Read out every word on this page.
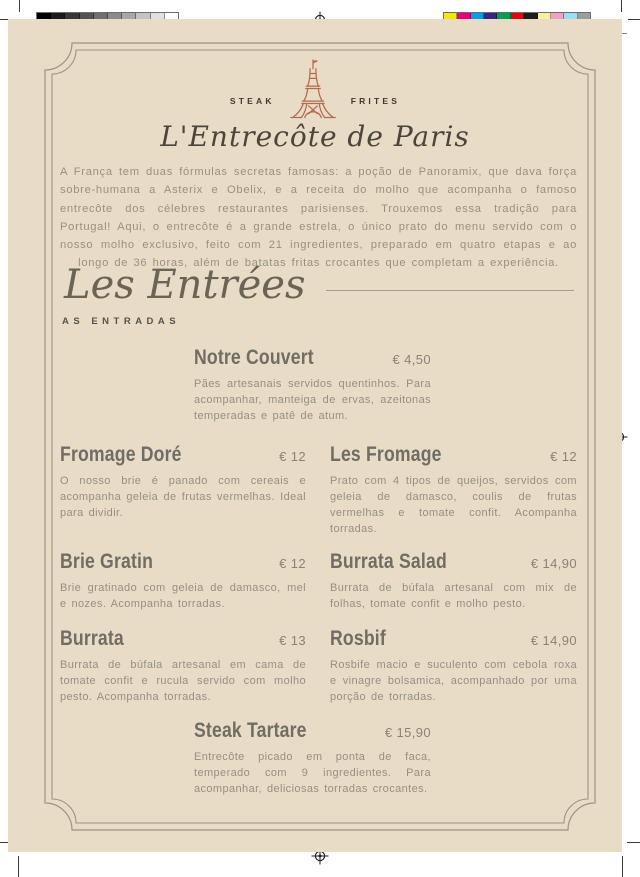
STEAK	FRITES
L'Entrecôte de Paris

A França tem duas fórmulas secretas famosas: a poção de Panoramix, que dava força sobre-humana a Asterix e Obelix, e a receita do molho que acompanha o famoso entrecôte dos célebres restaurantes parisienses. Trouxemos essa tradição para Portugal! Aqui, o entrecôte é a grande estrela, o único prato do menu servido com o nosso molho exclusivo, feito com 21 ingredientes, preparado em quatro etapas e ao longo de 36 horas, além de batatas fritas crocantes que completam a experiência.

Les Entrées
AS ENTRADAS
Notre Couvert	€ 4,50

Pães artesanais servidos quentinhos. Para acompanhar, manteiga de ervas, azeitonas temperadas e patê de atum.

Fromage Doré	€ 12

O nosso brie é panado com cereais e acompanha geleia de frutas vermelhas. Ideal para dividir.

Les Fromage	€ 12

Prato com 4 tipos de queijos, servidos com geleia de damasco, coulis de frutas vermelhas e tomate confit. Acompanha torradas.

Brie Gratin	€ 12

Brie gratinado com geleia de damasco, mel e nozes. Acompanha torradas.

Burrata Salad	€ 14,90

Burrata de búfala artesanal com mix de folhas, tomate confit e molho pesto.

Burrata	€ 13

Burrata de búfala artesanal em cama de tomate confit e rucula servido com molho pesto. Acompanha torradas.

Rosbif	€ 14,90

Rosbife macio e suculento com cebola roxa e vinagre bolsamica, acompanhado por uma porção de torradas.

Steak Tartare	€ 15,90

Entrecôte picado em ponta de faca, temperado com 9 ingredientes. Para acompanhar, deliciosas torradas crocantes.
